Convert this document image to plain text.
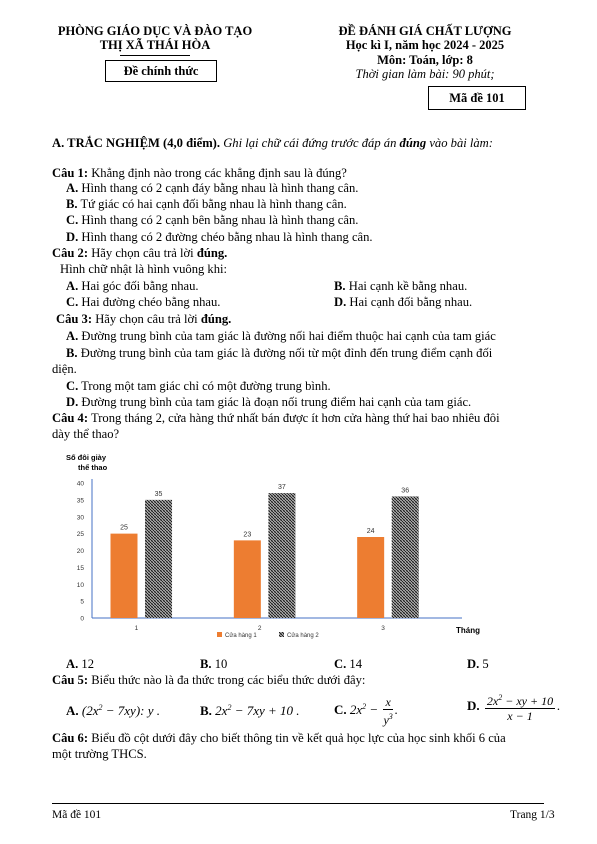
PHÒNG GIÁO DỤC VÀ ĐÀO TẠO
THỊ XÃ THÁI HÒA
Đề chính thức
ĐỀ ĐÁNH GIÁ CHẤT LƯỢNG
Học kì I, năm học 2024 - 2025
Môn: Toán, lớp: 8
Thời gian làm bài: 90 phút;
Mã đề 101
A. TRẮC NGHIỆM (4,0 điểm). Ghi lại chữ cái đứng trước đáp án đúng vào bài làm:
Câu 1: Khẳng định nào trong các khẳng định sau là đúng?
A. Hình thang có 2 cạnh đáy bằng nhau là hình thang cân.
B. Tứ giác có hai cạnh đối bằng nhau là hình thang cân.
C. Hình thang có 2 cạnh bên bằng nhau là hình thang cân.
D. Hình thang có 2 đường chéo bằng nhau là hình thang cân.
Câu 2: Hãy chọn câu trả lời đúng.
Hình chữ nhật là hình vuông khi:
A. Hai góc đối bằng nhau.	B. Hai cạnh kề bằng nhau.
C. Hai đường chéo bằng nhau.	D. Hai cạnh đối bằng nhau.
Câu 3: Hãy chọn câu trả lời đúng.
A. Đường trung bình của tam giác là đường nối hai điểm thuộc hai cạnh của tam giác
B. Đường trung bình của tam giác là đường nối từ một đỉnh đến trung điểm cạnh đối
diện.
C. Trong một tam giác chỉ có một đường trung bình.
D. Đường trung bình của tam giác là đoạn nối trung điểm hai cạnh của tam giác.
Câu 4: Trong tháng 2, cửa hàng thứ nhất bán được ít hơn cửa hàng thứ hai bao nhiêu đôi
dày thể thao?
Số đôi giày
thể thao
Tháng
0
5
10
15
20
25
30
35
40
25
35
1
23
37
2
24
36
3
Cửa hàng 1	Cửa hàng 2
A. 12	B. 10	C. 14	D. 5
Câu 5: Biểu thức nào là đa thức trong các biểu thức dưới đây:
A. $(2x^2 - 7xy)$: y .	B. $2x^2 - 7xy + 10$ .	C. $2x^2 - \frac{x}{y^3}$ .	D. $\frac{2x^2 - xy + 10}{x - 1}$ .
Câu 6: Biểu đồ cột dưới đây cho biết thông tin về kết quả học lực của học sinh khối 6 của
một trường THCS.
Mã đề 101	Trang 1/3
